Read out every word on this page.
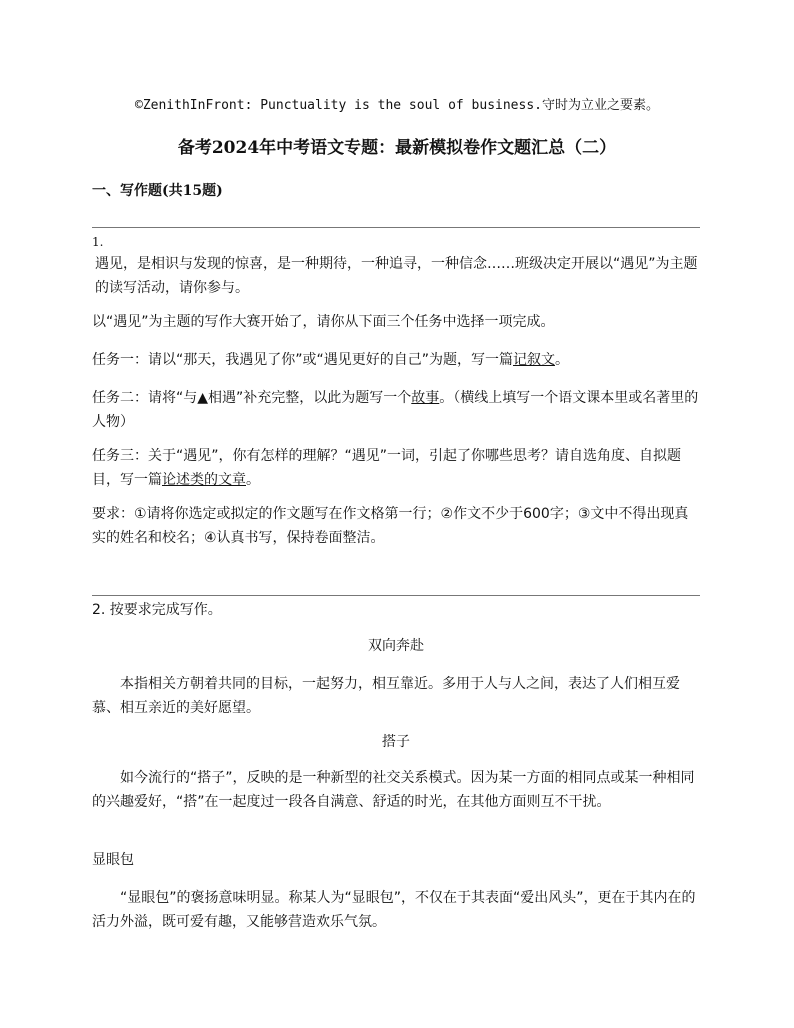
©ZenithInFront: Punctuality is the soul of business.守时为立业之要素。
备考2024年中考语文专题：最新模拟卷作文题汇总（二）
一、写作题(共15题)
1.
遇见，是相识与发现的惊喜，是一种期待，一种追寻，一种信念……班级决定开展以“遇见”为主题的读写活动，请你参与。
以“遇见”为主题的写作大赛开始了，请你从下面三个任务中选择一项完成。
任务一：请以“那天，我遇见了你”或“遇见更好的自己”为题，写一篇记叙文。
任务二：请将“与▲相遇”补充完整，以此为题写一个故事。（横线上填写一个语文课本里或名著里的人物）
任务三：关于“遇见”，你有怎样的理解？“遇见”一词，引起了你哪些思考？请自选角度、自拟题目，写一篇论述类的文章。
要求：①请将你选定或拟定的作文题写在作文格第一行；②作文不少于600字；③文中不得出现真实的姓名和校名；④认真书写，保持卷面整洁。
2. 按要求完成写作。
双向奔赴
本指相关方朝着共同的目标，一起努力，相互靠近。多用于人与人之间，表达了人们相互爱慕、相互亲近的美好愿望。
搭子
如今流行的“搭子”，反映的是一种新型的社交关系模式。因为某一方面的相同点或某一种相同的兴趣爱好，“搭”在一起度过一段各自满意、舒适的时光，在其他方面则互不干扰。
显眼包
“显眼包”的褒扬意味明显。称某人为“显眼包”，不仅在于其表面“爱出风头”，更在于其内在的活力外溢，既可爱有趣，又能够营造欢乐气氛。
